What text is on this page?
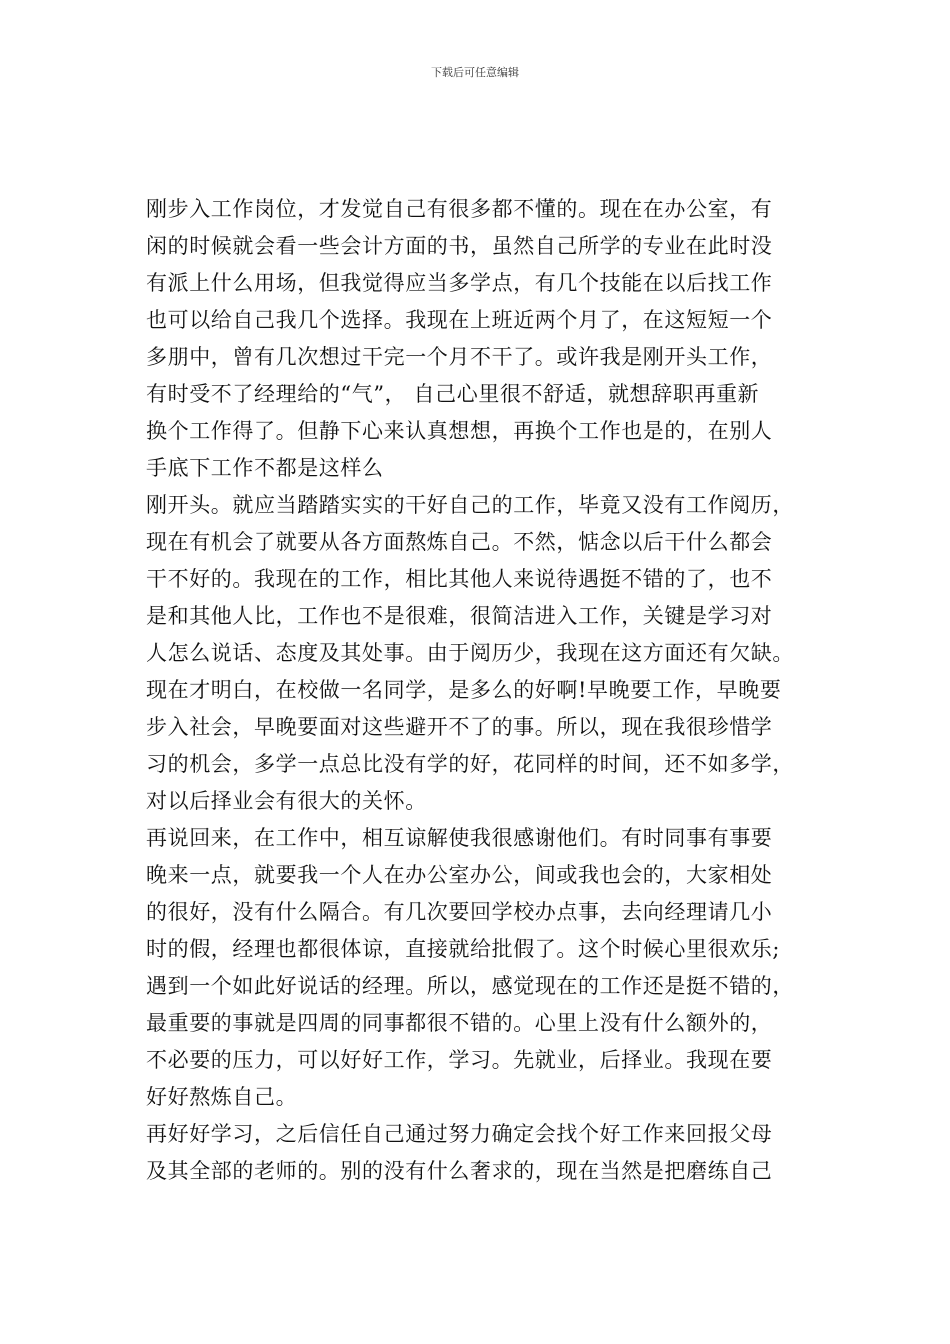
下载后可任意编辑
刚步入工作岗位，才发觉自己有很多都不懂的。现在在办公室，有
闲的时候就会看一些会计方面的书，虽然自己所学的专业在此时没
有派上什么用场，但我觉得应当多学点，有几个技能在以后找工作
也可以给自己我几个选择。我现在上班近两个月了，在这短短一个
多朋中，曾有几次想过干完一个月不干了。或许我是刚开头工作，
有时受不了经理给的“气”， 自己心里很不舒适，就想辞职再重新
换个工作得了。但静下心来认真想想，再换个工作也是的，在别人
手底下工作不都是这样么
刚开头。就应当踏踏实实的干好自己的工作，毕竟又没有工作阅历，
现在有机会了就要从各方面熬炼自己。不然，惦念以后干什么都会
干不好的。我现在的工作，相比其他人来说待遇挺不错的了，也不
是和其他人比，工作也不是很难，很简洁进入工作，关键是学习对
人怎么说话、态度及其处事。由于阅历少，我现在这方面还有欠缺。
现在才明白，在校做一名同学，是多么的好啊!早晚要工作，早晚要
步入社会，早晚要面对这些避开不了的事。所以，现在我很珍惜学
习的机会，多学一点总比没有学的好，花同样的时间，还不如多学，
对以后择业会有很大的关怀。
再说回来，在工作中，相互谅解使我很感谢他们。有时同事有事要
晚来一点，就要我一个人在办公室办公，间或我也会的，大家相处
的很好，没有什么隔合。有几次要回学校办点事，去向经理请几小
时的假，经理也都很体谅，直接就给批假了。这个时候心里很欢乐;
遇到一个如此好说话的经理。所以，感觉现在的工作还是挺不错的，
最重要的事就是四周的同事都很不错的。心里上没有什么额外的，
不必要的压力，可以好好工作，学习。先就业，后择业。我现在要
好好熬炼自己。
再好好学习，之后信任自己通过努力确定会找个好工作来回报父母
及其全部的老师的。别的没有什么奢求的，现在当然是把磨练自己
